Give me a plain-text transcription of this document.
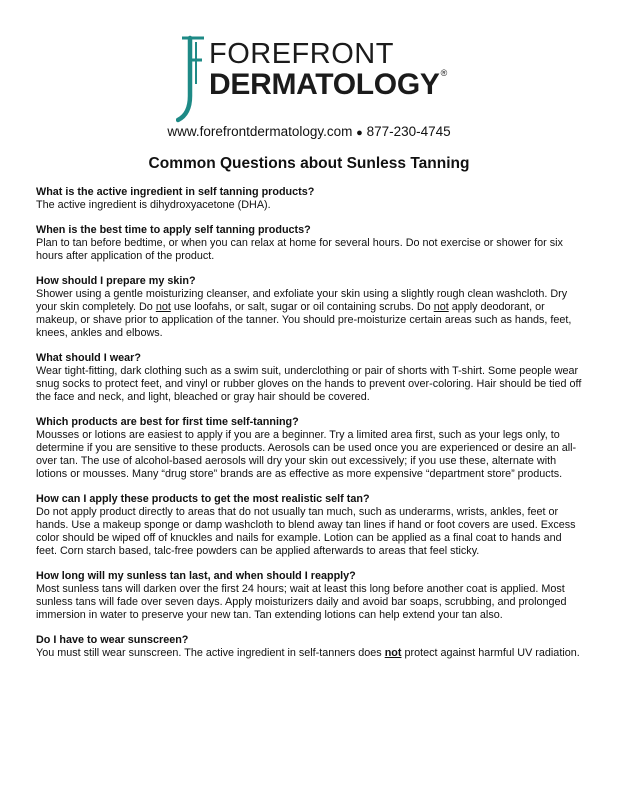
FOREFRONT
DERMATOLOGY®
www.forefrontdermatology.com ● 877-230-4745
Common Questions about Sunless Tanning
What is the active ingredient in self tanning products?
The active ingredient is dihydroxyacetone (DHA).
When is the best time to apply self tanning products?
Plan to tan before bedtime, or when you can relax at home for several hours. Do not exercise or shower for six hours after application of the product.
How should I prepare my skin?
Shower using a gentle moisturizing cleanser, and exfoliate your skin using a slightly rough clean washcloth. Dry your skin completely. Do not use loofahs, or salt, sugar or oil containing scrubs. Do not apply deodorant, or makeup, or shave prior to application of the tanner. You should pre-moisturize certain areas such as hands, feet, knees, ankles and elbows.
What should I wear?
Wear tight-fitting, dark clothing such as a swim suit, underclothing or pair of shorts with T-shirt. Some people wear snug socks to protect feet, and vinyl or rubber gloves on the hands to prevent over-coloring. Hair should be tied off the face and neck, and light, bleached or gray hair should be covered.
Which products are best for first time self-tanning?
Mousses or lotions are easiest to apply if you are a beginner. Try a limited area first, such as your legs only, to determine if you are sensitive to these products. Aerosols can be used once you are experienced or desire an all-over tan. The use of alcohol-based aerosols will dry your skin out excessively; if you use these, alternate with lotions or mousses. Many “drug store” brands are as effective as more expensive “department store” products.
How can I apply these products to get the most realistic self tan?
Do not apply product directly to areas that do not usually tan much, such as underarms, wrists, ankles, feet or hands. Use a makeup sponge or damp washcloth to blend away tan lines if hand or foot covers are used. Excess color should be wiped off of knuckles and nails for example. Lotion can be applied as a final coat to hands and feet. Corn starch based, talc-free powders can be applied afterwards to areas that feel sticky.
How long will my sunless tan last, and when should I reapply?
Most sunless tans will darken over the first 24 hours; wait at least this long before another coat is applied. Most sunless tans will fade over seven days. Apply moisturizers daily and avoid bar soaps, scrubbing, and prolonged immersion in water to preserve your new tan. Tan extending lotions can help extend your tan also.
Do I have to wear sunscreen?
You must still wear sunscreen. The active ingredient in self-tanners does not protect against harmful UV radiation.
